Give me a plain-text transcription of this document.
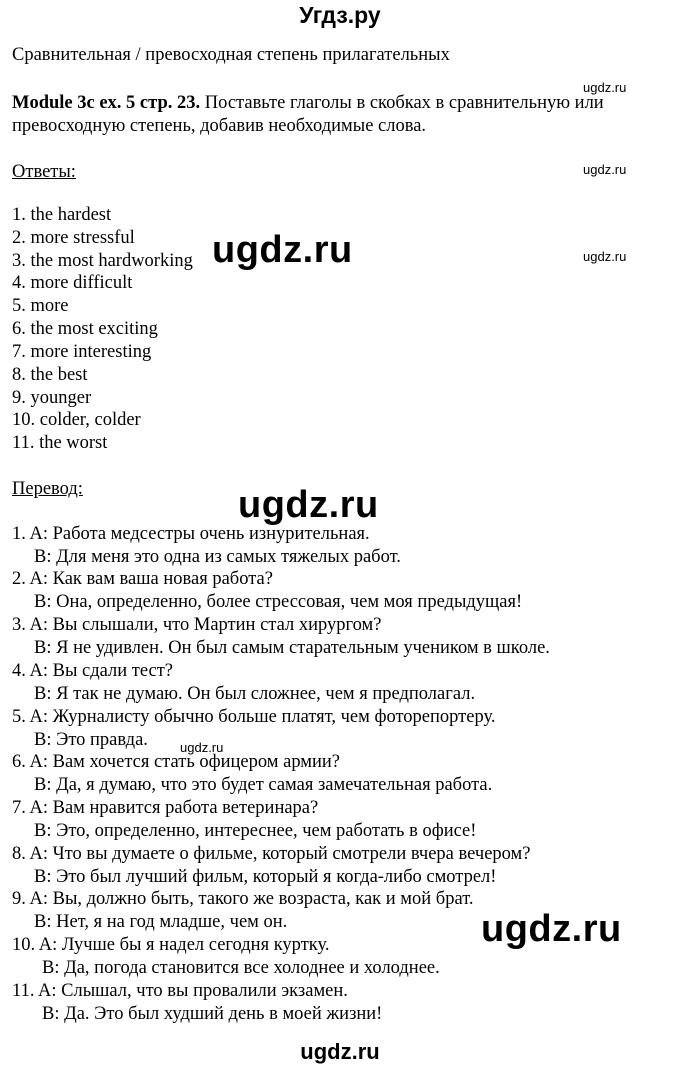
Угдз.ру
Сравнительная / превосходная степень прилагательных
Module 3c ex. 5 стр. 23. Поставьте глаголы в скобках в сравнительную или
превосходную степень, добавив необходимые слова.
Ответы:
1. the hardest
2. more stressful
3. the most hardworking
4. more difficult
5. more
6. the most exciting
7. more interesting
8. the best
9. younger
10. colder, colder
11. the worst
Перевод:
1. A: Работа медсестры очень изнурительная.
B: Для меня это одна из самых тяжелых работ.
2. A: Как вам ваша новая работа?
B: Она, определенно, более стрессовая, чем моя предыдущая!
3. A: Вы слышали, что Мартин стал хирургом?
B: Я не удивлен. Он был самым старательным учеником в школе.
4. A: Вы сдали тест?
B: Я так не думаю. Он был сложнее, чем я предполагал.
5. A: Журналисту обычно больше платят, чем фоторепортеру.
B: Это правда.
6. A: Вам хочется стать офицером армии?
B: Да, я думаю, что это будет самая замечательная работа.
7. A: Вам нравится работа ветеринара?
B: Это, определенно, интереснее, чем работать в офисе!
8. A: Что вы думаете о фильме, который смотрели вчера вечером?
B: Это был лучший фильм, который я когда-либо смотрел!
9. A: Вы, должно быть, такого же возраста, как и мой брат.
B: Нет, я на год младше, чем он.
10. A: Лучше бы я надел сегодня куртку.
B: Да, погода становится все холоднее и холоднее.
11. A: Слышал, что вы провалили экзамен.
B: Да. Это был худший день в моей жизни!
ugdz.ru
ugdz.ru
ugdz.ru
ugdz.ru
ugdz.ru
ugdz.ru
ugdz.ru
ugdz.ru
